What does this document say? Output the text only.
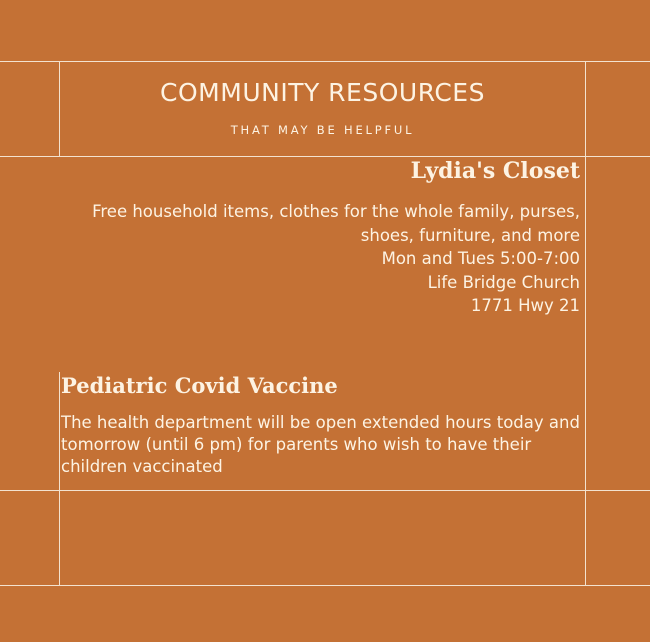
COMMUNITY RESOURCES
THAT MAY BE HELPFUL
Lydia's Closet
Free household items, clothes for the whole family, purses,
shoes, furniture, and more
Mon and Tues 5:00-7:00
Life Bridge Church
1771 Hwy 21
Pediatric Covid Vaccine
The health department will be open extended hours today and
tomorrow (until 6 pm) for parents who wish to have their
children vaccinated
